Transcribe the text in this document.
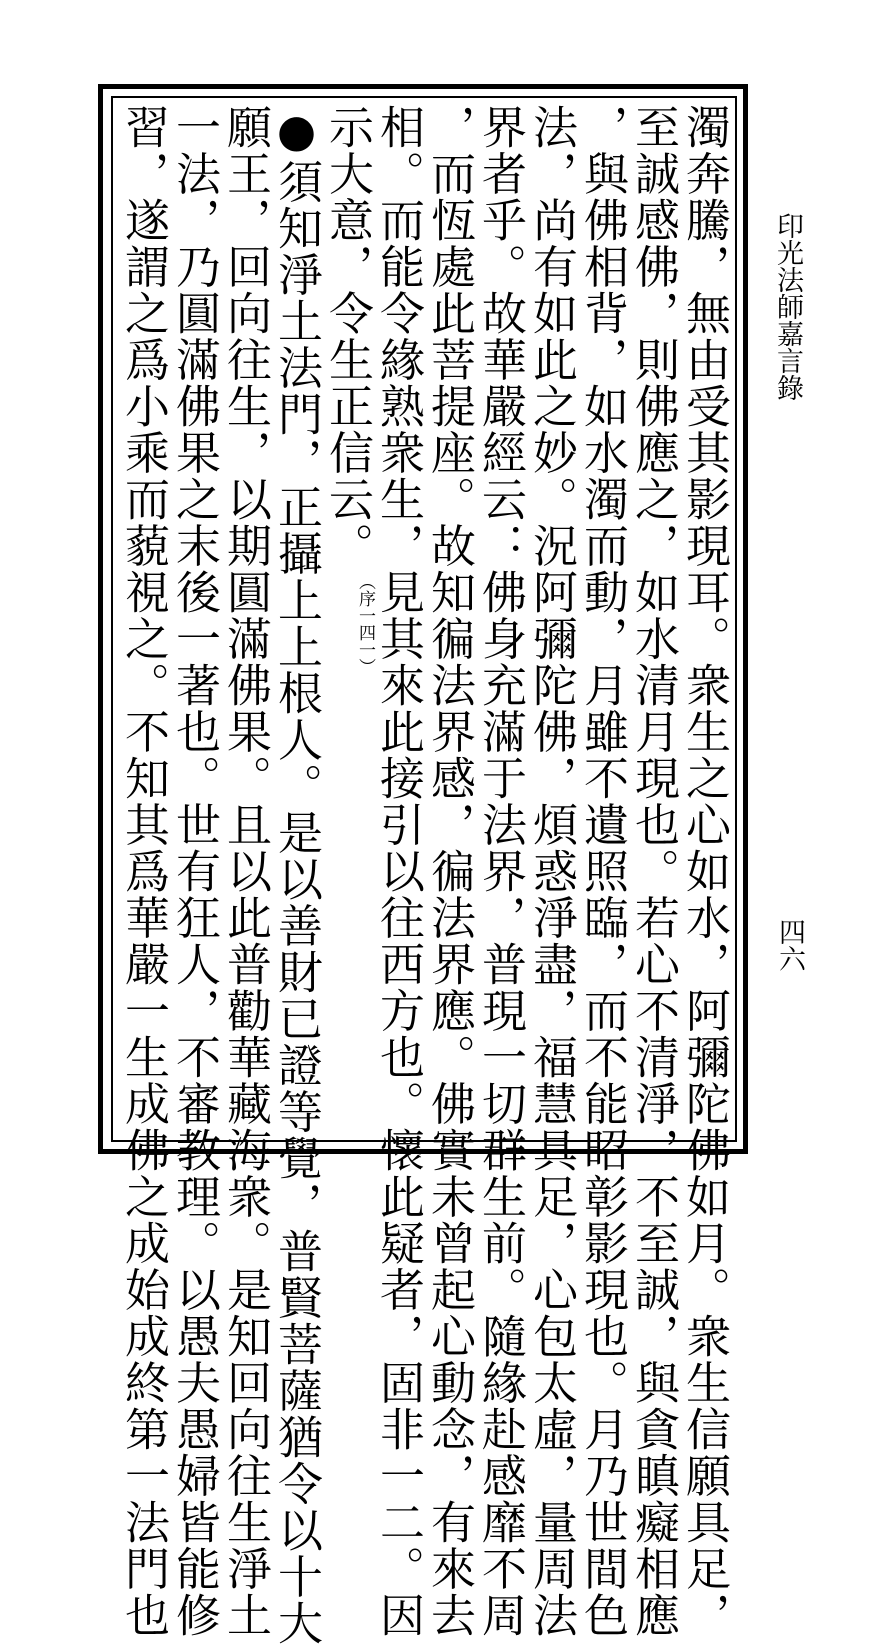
印光法師嘉言錄
四六
濁奔騰，無由受其影現耳。衆生之心如水，阿彌陀佛如月。衆生信願具足，
至誠感佛，則佛應之，如水清月現也。若心不清淨，不至誠，與貪瞋癡相應
，與佛相背，如水濁而動，月雖不遺照臨，而不能昭彰影現也。月乃世間色
法，尚有如此之妙。況阿彌陀佛，煩惑淨盡，福慧具足，心包太虛，量周法
界者乎。故華嚴經云：佛身充滿于法界，普現一切群生前。隨緣赴感靡不周
，而恆處此菩提座。故知徧法界感，徧法界應。佛實未曾起心動念，有來去
相。而能令緣熟衆生，見其來此接引以往西方也。懷此疑者，固非一二。因
示大意，令生正信云。（序一四一）
●須知淨土法門，正攝上上根人。是以善財已證等覺，普賢菩薩猶令以十大
願王，回向往生，以期圓滿佛果。且以此普勸華藏海衆。是知回向往生淨土
一法，乃圓滿佛果之末後一著也。世有狂人，不審教理。以愚夫愚婦皆能修
習，遂謂之爲小乘而藐視之。不知其爲華嚴一生成佛之成始成終第一法門也
